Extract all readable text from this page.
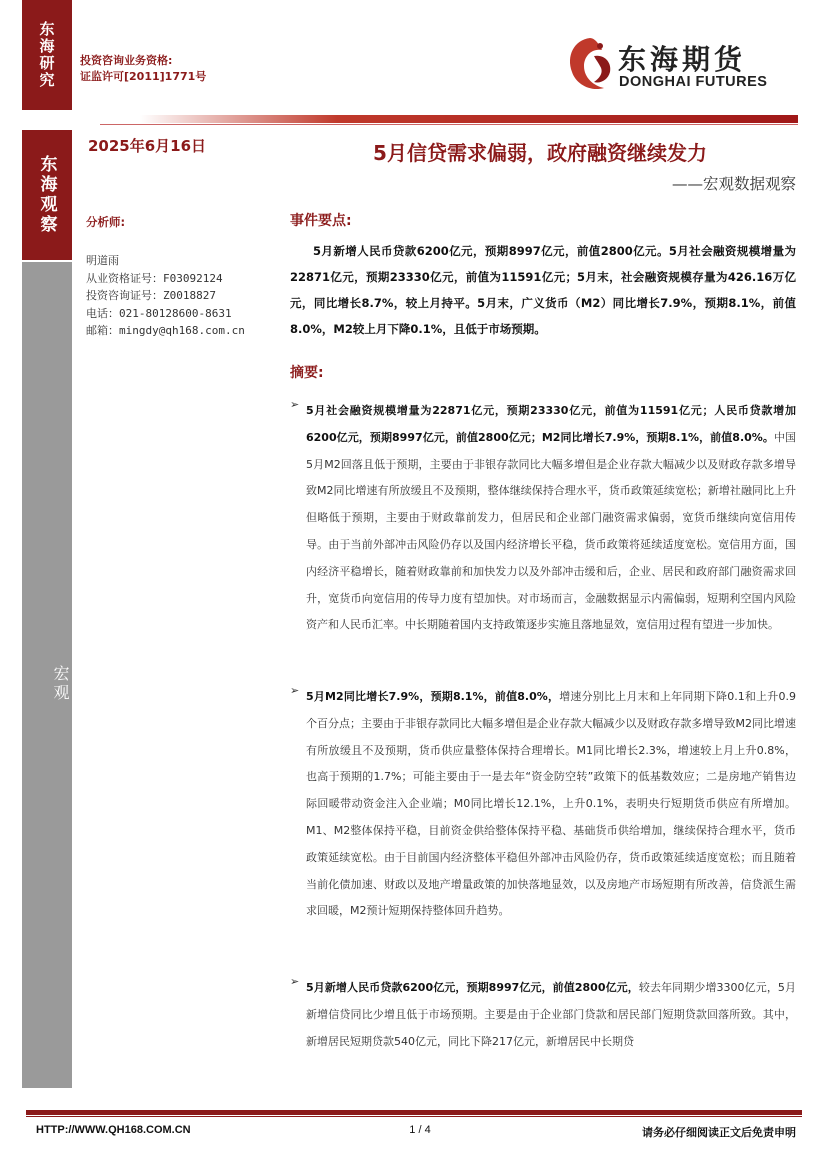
东海研究	投资咨询业务资格:
证监许可[2011]1771号
东海期货
DONGHAI FUTURES
东海观察
宏观
2025年6月16日	5月信贷需求偏弱，政府融资继续发力
——宏观数据观察
分析师:
明道雨
从业资格证号：F03092124
投资咨询证号：Z0018827
电话：021-80128600-8631
邮箱：mingdy@qh168.com.cn
事件要点:
5月新增人民币贷款6200亿元，预期8997亿元，前值2800亿元。5月社会融资规模增量为22871亿元，预期23330亿元，前值为11591亿元；5月末，社会融资规模存量为426.16万亿元，同比增长8.7%，较上月持平。5月末，广义货币（M2）同比增长7.9%，预期8.1%，前值8.0%，M2较上月下降0.1%，且低于市场预期。
摘要:
➢ 5月社会融资规模增量为22871亿元，预期23330亿元，前值为11591亿元；人民币贷款增加6200亿元，预期8997亿元，前值2800亿元；M2同比增长7.9%，预期8.1%，前值8.0%。中国5月M2回落且低于预期，主要由于非银存款同比大幅多增但是企业存款大幅减少以及财政存款多增导致M2同比增速有所放缓且不及预期，整体继续保持合理水平，货币政策延续宽松；新增社融同比上升但略低于预期，主要由于财政靠前发力，但居民和企业部门融资需求偏弱，宽货币继续向宽信用传导。由于当前外部冲击风险仍存以及国内经济增长平稳，货币政策将延续适度宽松。宽信用方面，国内经济平稳增长，随着财政靠前和加快发力以及外部冲击缓和后，企业、居民和政府部门融资需求回升，宽货币向宽信用的传导力度有望加快。对市场而言，金融数据显示内需偏弱，短期利空国内风险资产和人民币汇率。中长期随着国内支持政策逐步实施且落地显效，宽信用过程有望进一步加快。
➢ 5月M2同比增长7.9%，预期8.1%，前值8.0%，增速分别比上月末和上年同期下降0.1和上升0.9个百分点；主要由于非银存款同比大幅多增但是企业存款大幅减少以及财政存款多增导致M2同比增速有所放缓且不及预期，货币供应量整体保持合理增长。M1同比增长2.3%，增速较上月上升0.8%，也高于预期的1.7%；可能主要由于一是去年“资金防空转”政策下的低基数效应；二是房地产销售边际回暖带动资金注入企业端；M0同比增长12.1%，上升0.1%，表明央行短期货币供应有所增加。M1、M2整体保持平稳，目前资金供给整体保持平稳、基础货币供给增加，继续保持合理水平，货币政策延续宽松。由于目前国内经济整体平稳但外部冲击风险仍存，货币政策延续适度宽松；而且随着当前化债加速、财政以及地产增量政策的加快落地显效，以及房地产市场短期有所改善，信贷派生需求回暖，M2预计短期保持整体回升趋势。
➢ 5月新增人民币贷款6200亿元，预期8997亿元，前值2800亿元，较去年同期少增3300亿元，5月新增信贷同比少增且低于市场预期。主要是由于企业部门贷款和居民部门短期贷款回落所致。其中，新增居民短期贷款540亿元，同比下降217亿元，新增居民中长期贷
HTTP://WWW.QH168.COM.CN	1 / 4	请务必仔细阅读正文后免责申明
